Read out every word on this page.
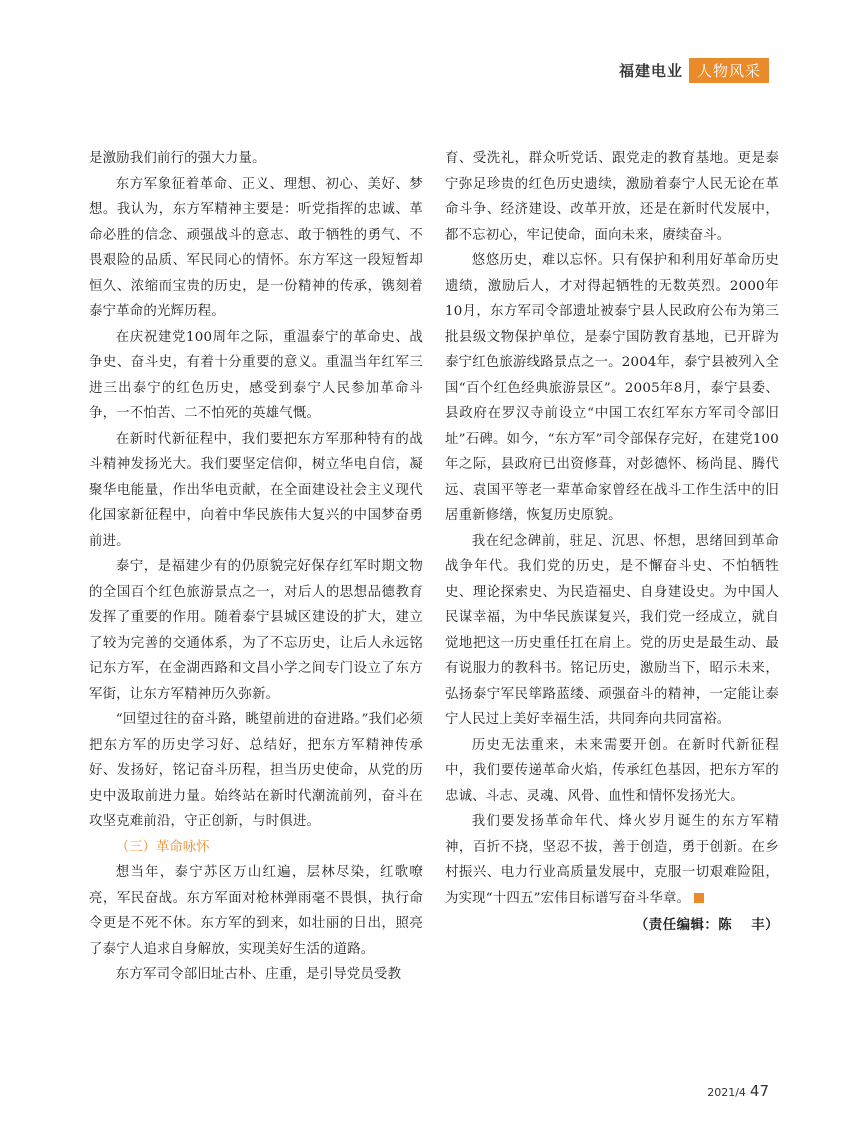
福建电业 人物风采

是激励我们前行的强大力量。

东方军象征着革命、正义、理想、初心、美好、梦想。我认为，东方军精神主要是：听党指挥的忠诚、革命必胜的信念、顽强战斗的意志、敢于牺牲的勇气、不畏艰险的品质、军民同心的情怀。东方军这一段短暂却恒久、浓缩而宝贵的历史，是一份精神的传承，镌刻着泰宁革命的光辉历程。

在庆祝建党100周年之际，重温泰宁的革命史、战争史、奋斗史，有着十分重要的意义。重温当年红军三进三出泰宁的红色历史，感受到泰宁人民参加革命斗争，一不怕苦、二不怕死的英雄气慨。

在新时代新征程中，我们要把东方军那种特有的战斗精神发扬光大。我们要坚定信仰，树立华电自信，凝聚华电能量，作出华电贡献，在全面建设社会主义现代化国家新征程中，向着中华民族伟大复兴的中国梦奋勇前进。

泰宁，是福建少有的仍原貌完好保存红军时期文物的全国百个红色旅游景点之一，对后人的思想品德教育发挥了重要的作用。随着泰宁县城区建设的扩大，建立了较为完善的交通体系，为了不忘历史，让后人永远铭记东方军，在金湖西路和文昌小学之间专门设立了东方军街，让东方军精神历久弥新。

“回望过往的奋斗路，眺望前进的奋进路。”我们必须把东方军的历史学习好、总结好，把东方军精神传承好、发扬好，铭记奋斗历程，担当历史使命，从党的历史中汲取前进力量。始终站在新时代潮流前列，奋斗在攻坚克难前沿，守正创新，与时俱进。

（三）革命咏怀

想当年，泰宁苏区万山红遍，层林尽染，红歌嘹亮，军民奋战。东方军面对枪林弹雨毫不畏惧，执行命令更是不死不休。东方军的到来，如壮丽的日出，照亮了泰宁人追求自身解放，实现美好生活的道路。

东方军司令部旧址古朴、庄重，是引导党员受教

育、受洗礼，群众听党话、跟党走的教育基地。更是泰宁弥足珍贵的红色历史遗续，激励着泰宁人民无论在革命斗争、经济建设、改革开放，还是在新时代发展中，都不忘初心，牢记使命，面向未来，赓续奋斗。

悠悠历史，难以忘怀。只有保护和利用好革命历史遗绩，激励后人，才对得起牺牲的无数英烈。2000年10月，东方军司令部遗址被泰宁县人民政府公布为第三批县级文物保护单位，是泰宁国防教育基地，已开辟为泰宁红色旅游线路景点之一。2004年，泰宁县被列入全国“百个红色经典旅游景区”。2005年8月，泰宁县委、县政府在罗汉寺前设立“中国工农红军东方军司令部旧址”石碑。如今，“东方军”司令部保存完好，在建党100年之际，县政府已出资修葺，对彭德怀、杨尚昆、腾代远、袁国平等老一辈革命家曾经在战斗工作生活中的旧居重新修缮，恢复历史原貌。

我在纪念碑前，驻足、沉思、怀想，思绪回到革命战争年代。我们党的历史，是不懈奋斗史、不怕牺牲史、理论探索史、为民造福史、自身建设史。为中国人民谋幸福，为中华民族谋复兴，我们党一经成立，就自觉地把这一历史重任扛在肩上。党的历史是最生动、最有说服力的教科书。铭记历史，激励当下，昭示未来，弘扬泰宁军民筚路蓝缕、顽强奋斗的精神，一定能让泰宁人民过上美好幸福生活，共同奔向共同富裕。

历史无法重来，未来需要开创。在新时代新征程中，我们要传递革命火焰，传承红色基因，把东方军的忠诚、斗志、灵魂、风骨、血性和情怀发扬光大。

我们要发扬革命年代、烽火岁月诞生的东方军精神，百折不挠，坚忍不拔，善于创造，勇于创新。在乡村振兴、电力行业高质量发展中，克服一切艰难险阻，为实现“十四五”宏伟目标谱写奋斗华章。

（责任编辑：陈　 丰）
2021/4 47
